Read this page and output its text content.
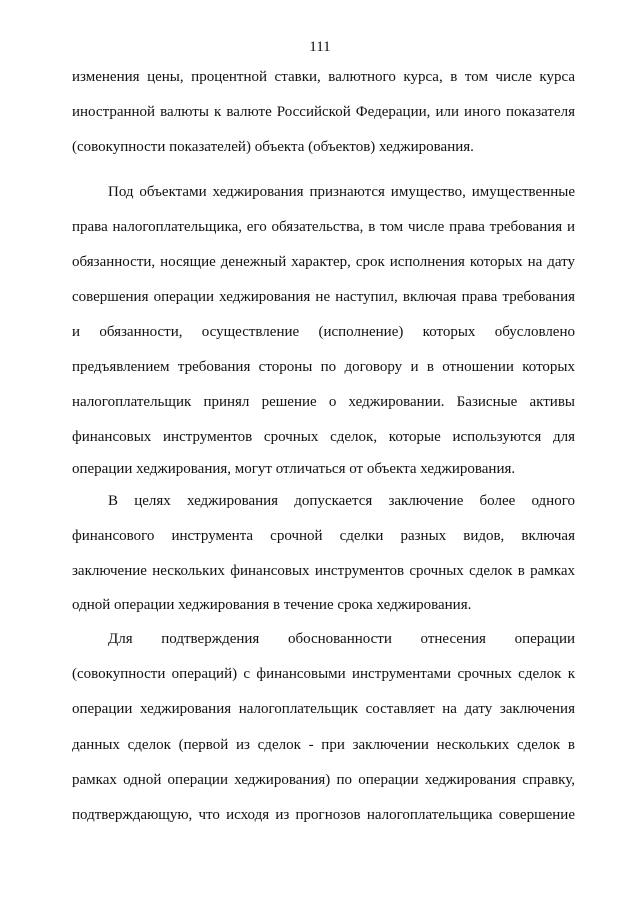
111
изменения цены, процентной ставки, валютного курса, в том числе курса
иностранной валюты к валюте Российской Федерации, или иного показателя
(совокупности показателей) объекта (объектов) хеджирования.
Под объектами хеджирования признаются имущество, имущественные
права налогоплательщика, его обязательства, в том числе права требования и
обязанности, носящие денежный характер, срок исполнения которых на дату
совершения операции хеджирования не наступил, включая права требования
и обязанности, осуществление (исполнение) которых обусловлено
предъявлением требования стороны по договору и в отношении которых
налогоплательщик принял решение о хеджировании. Базисные активы
финансовых инструментов срочных сделок, которые используются для
операции хеджирования, могут отличаться от объекта хеджирования.
В целях хеджирования допускается заключение более одного
финансового инструмента срочной сделки разных видов, включая
заключение нескольких финансовых инструментов срочных сделок в рамках
одной операции хеджирования в течение срока хеджирования.
Для подтверждения обоснованности отнесения операции
(совокупности операций) с финансовыми инструментами срочных сделок к
операции хеджирования налогоплательщик составляет на дату заключения
данных сделок (первой из сделок - при заключении нескольких сделок в
рамках одной операции хеджирования) по операции хеджирования справку,
подтверждающую, что исходя из прогнозов налогоплательщика совершение
